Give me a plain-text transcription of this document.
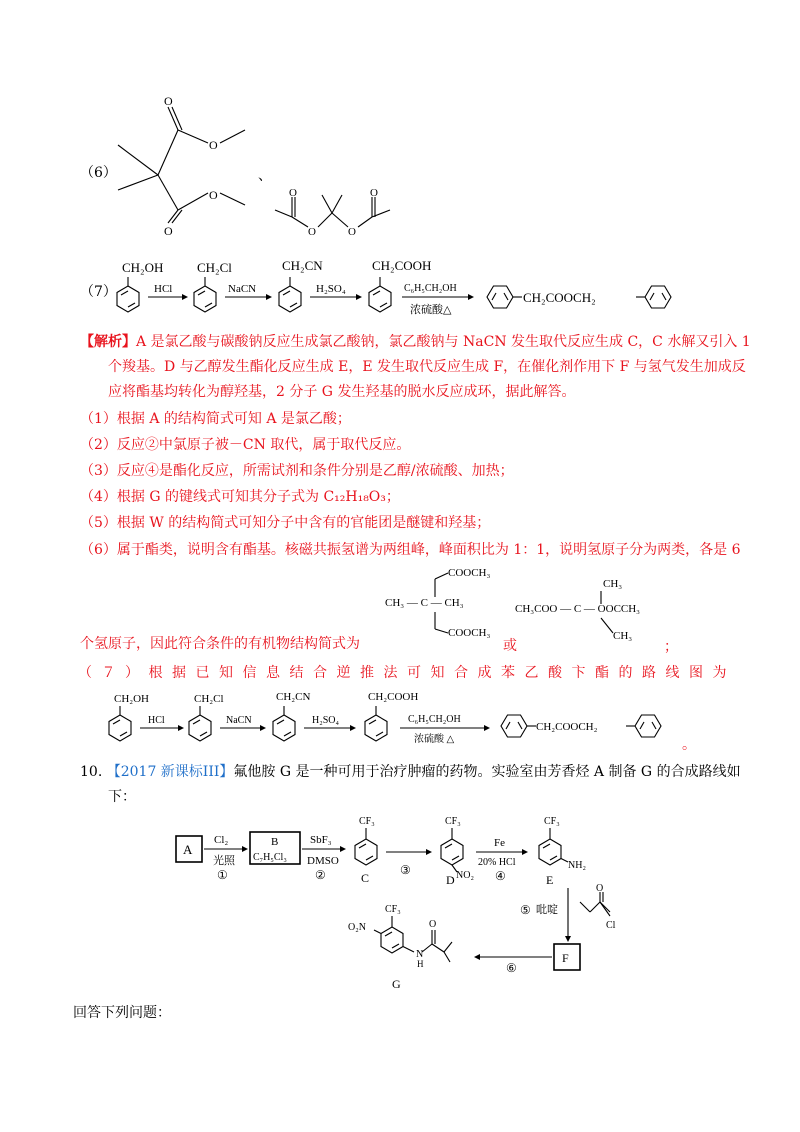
（6）
O
O
O
O
、
O
O	O
O
（7）
CH₂OH
HCl
CH₂Cl
NaCN
CH₂CN
H₂SO₄
CH₂COOH
C₆H₅CH₂OH
浓硫酸△
CH₂COOCH₂
【解析】A 是氯乙酸与碳酸钠反应生成氯乙酸钠，氯乙酸钠与 NaCN 发生取代反应生成 C，C 水解又引入 1
个羧基。D 与乙醇发生酯化反应生成 E，E 发生取代反应生成 F，在催化剂作用下 F 与氢气发生加成反
应将酯基均转化为醇羟基，2 分子 G 发生羟基的脱水反应成环，据此解答。
（1）根据 A 的结构简式可知 A 是氯乙酸；
（2）反应②中氯原子被－CN 取代，属于取代反应。
（3）反应④是酯化反应，所需试剂和条件分别是乙醇/浓硫酸、加热；
（4）根据 G 的键线式可知其分子式为 C₁₂H₁₈O₃；
（5）根据 W 的结构简式可知分子中含有的官能团是醚键和羟基；
（6）属于酯类，说明含有酯基。核磁共振氢谱为两组峰，峰面积比为 1：1，说明氢原子分为两类，各是 6
COOCH₃
CH₃ — C — CH₃
COOCH₃
CH₃
CH₃COO — C — OOCCH₃
CH₃
个氢原子，因此符合条件的有机物结构简式为	或	；
（７）根据已知信息结合逆推法可知合成苯乙酸卞酯的路线图为
CH₂OH
HCl
CH₂Cl
NaCN
CH₂CN
H₂SO₄
CH₂COOH
C₆H₅CH₂OH
浓硫酸 △
CH₂COOCH₂
。
10. 【2017 新课标III】氟他胺 G 是一种可用于治疗肿瘤的药物。实验室由芳香烃 A 制备 G 的合成路线如
下：
A
Cl₂
光照
①
B
C₇H₅Cl₃
SbF₃
DMSO
②
CF₃
C
③
CF₃
NO₂
D
Fe
20% HCl
④
CF₃
NH₂
E
⑤ 吡啶
O
Cl
F
⑥
CF₃
O₂N	O
N
H
G
回答下列问题：
